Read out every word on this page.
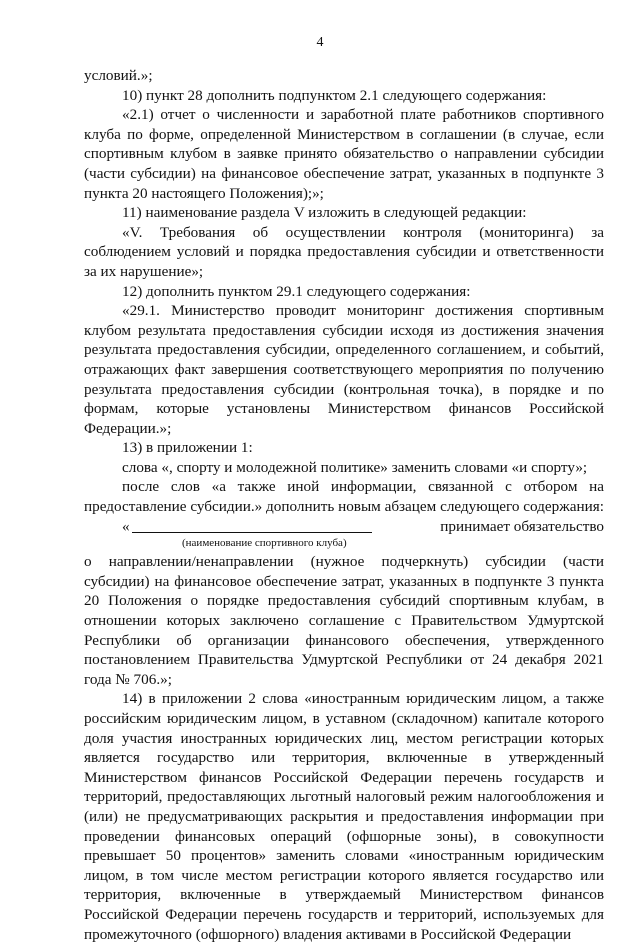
4

условий.»;

10) пункт 28 дополнить подпунктом 2.1 следующего содержания:

«2.1) отчет о численности и заработной плате работников спортивного клуба по форме, определенной Министерством в соглашении (в случае, если спортивным клубом в заявке принято обязательство о направлении субсидии (части субсидии) на финансовое обеспечение затрат, указанных в подпункте 3 пункта 20 настоящего Положения);»;

11) наименование раздела V изложить в следующей редакции:

«V. Требования об осуществлении контроля (мониторинга) за соблюдением условий и порядка предоставления субсидии и ответственности за их нарушение»;

12) дополнить пунктом 29.1 следующего содержания:

«29.1. Министерство проводит мониторинг достижения спортивным клубом результата предоставления субсидии исходя из достижения значения результата предоставления субсидии, определенного соглашением, и событий, отражающих факт завершения соответствующего мероприятия по получению результата предоставления субсидии (контрольная точка), в порядке и по формам, которые установлены Министерством финансов Российской Федерации.»;

13) в приложении 1:

слова «, спорту и молодежной политике» заменить словами «и спорту»;

после слов «а также иной информации, связанной с отбором на предоставление субсидии.» дополнить новым абзацем следующего содержания:

«	принимает обязательство

(наименование спортивного клуба)

о направлении/ненаправлении (нужное подчеркнуть) субсидии (части субсидии) на финансовое обеспечение затрат, указанных в подпункте 3 пункта 20 Положения о порядке предоставления субсидий спортивным клубам, в отношении которых заключено соглашение с Правительством Удмуртской Республики об организации финансового обеспечения, утвержденного постановлением Правительства Удмуртской Республики от 24 декабря 2021 года № 706.»;

14) в приложении 2 слова «иностранным юридическим лицом, а также российским юридическим лицом, в уставном (складочном) капитале которого доля участия иностранных юридических лиц, местом регистрации которых является государство или территория, включенные в утвержденный Министерством финансов Российской Федерации перечень государств и территорий, предоставляющих льготный налоговый режим налогообложения и (или) не предусматривающих раскрытия и предоставления информации при проведении финансовых операций (офшорные зоны), в совокупности превышает 50 процентов» заменить словами «иностранным юридическим лицом, в том числе местом регистрации которого является государство или территория, включенные в утверждаемый Министерством финансов Российской Федерации перечень государств и территорий, используемых для промежуточного (офшорного) владения активами в Российской Федерации
